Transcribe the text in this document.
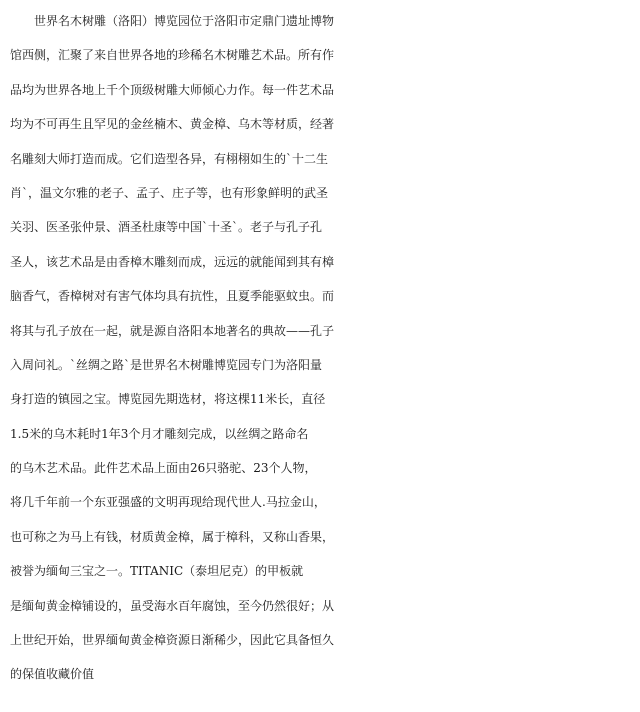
　　世界名木树雕（洛阳）博览园位于洛阳市定鼎门遗址博物
馆西侧，汇聚了来自世界各地的珍稀名木树雕艺术品。所有作
品均为世界各地上千个顶级树雕大师倾心力作。每一件艺术品
均为不可再生且罕见的金丝楠木、黄金樟、乌木等材质，经著
名雕刻大师打造而成。它们造型各异，有栩栩如生的`十二生
肖`，温文尔雅的老子、孟子、庄子等，也有形象鲜明的武圣
关羽、医圣张仲景、酒圣杜康等中国`十圣`。老子与孔子孔
圣人，该艺术品是由香樟木雕刻而成，远远的就能闻到其有樟
脑香气，香樟树对有害气体均具有抗性，且夏季能驱蚊虫。而
将其与孔子放在一起，就是源自洛阳本地著名的典故——孔子
入周问礼。`丝绸之路`是世界名木树雕博览园专门为洛阳量
身打造的镇园之宝。博览园先期选材，将这棵11米长，直径
1.5米的乌木耗时1年3个月才雕刻完成，以丝绸之路命名
的乌木艺术品。此件艺术品上面由26只骆驼、23个人物，
将几千年前一个东亚强盛的文明再现给现代世人.马拉金山，
也可称之为马上有钱，材质黄金樟，属于樟科，又称山香果，
被誉为缅甸三宝之一。TITANIC（泰坦尼克）的甲板就
是缅甸黄金樟铺设的，虽受海水百年腐蚀，至今仍然很好；从
上世纪开始，世界缅甸黄金樟资源日渐稀少，因此它具备恒久
的保值收藏价值
